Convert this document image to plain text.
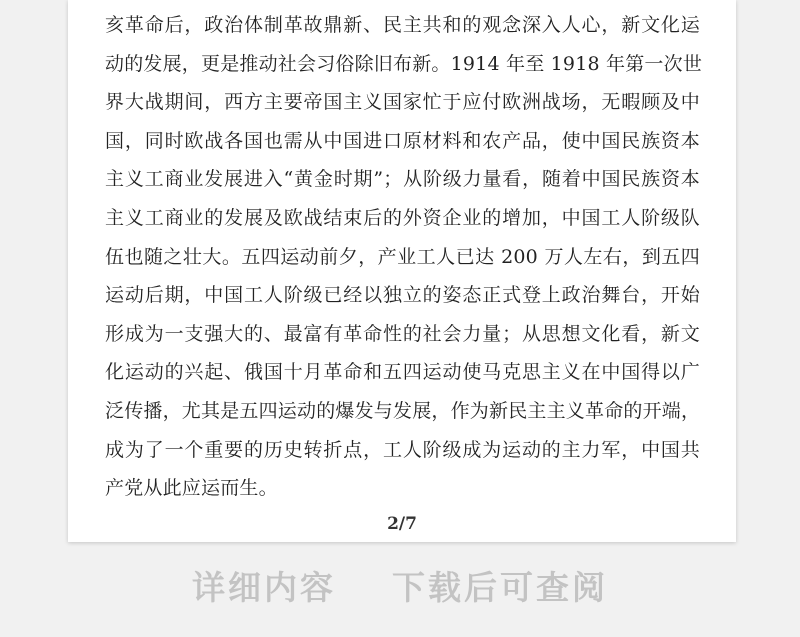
亥革命后，政治体制革故鼎新、民主共和的观念深入人心，新文化运
动的发展，更是推动社会习俗除旧布新。1914 年至 1918 年第一次世
界大战期间，西方主要帝国主义国家忙于应付欧洲战场，无暇顾及中
国，同时欧战各国也需从中国进口原材料和农产品，使中国民族资本
主义工商业发展进入“黄金时期”；从阶级力量看，随着中国民族资本
主义工商业的发展及欧战结束后的外资企业的增加，中国工人阶级队
伍也随之壮大。五四运动前夕，产业工人已达 200 万人左右，到五四
运动后期，中国工人阶级已经以独立的姿态正式登上政治舞台，开始
形成为一支强大的、最富有革命性的社会力量；从思想文化看，新文
化运动的兴起、俄国十月革命和五四运动使马克思主义在中国得以广
泛传播，尤其是五四运动的爆发与发展，作为新民主主义革命的开端，
成为了一个重要的历史转折点，工人阶级成为运动的主力军，中国共
产党从此应运而生。
2/7
详细内容 下载后可查阅
